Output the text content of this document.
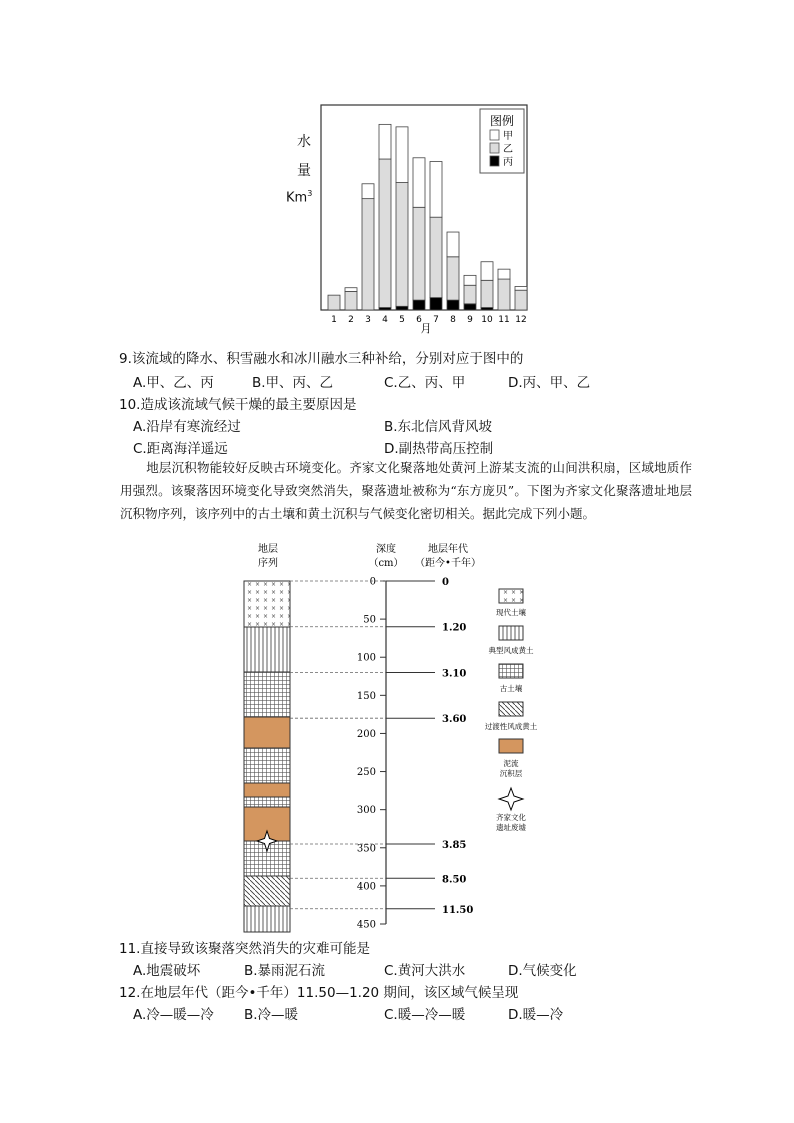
水
量
Km$^3$
1 2 3 4 5 6 7 8 9 10 11 12
月
图例
甲
乙
丙
9.该流域的降水、积雪融水和冰川融水三种补给，分别对应于图中的
A.甲、乙、丙	B.甲、丙、乙	C.乙、丙、甲	D.丙、甲、乙
10.造成该流域气候干燥的最主要原因是
A.沿岸有寒流经过	B.东北信风背风坡
C.距离海洋遥远	D.副热带高压控制
地层沉积物能较好反映古环境变化。齐家文化聚落地处黄河上游某支流的山间洪积扇，区域地质作用强烈。该聚落因环境变化导致突然消失，聚落遗址被称为“东方庞贝”。下图为齐家文化聚落遗址地层沉积物序列，该序列中的古土壤和黄土沉积与气候变化密切相关。据此完成下列小题。
地层
序列
深度
（cm）
地层年代
（距今•千年）
0
50
100
150
200
250
300
350
400
450
0
1.20
3.10
3.60
3.85
8.50
11.50
现代土壤
典型风成黄土
古土壤
过渡性风成黄土
泥流沉积层
齐家文化遗址废墟
11.直接导致该聚落突然消失的灾难可能是
A.地震破坏	B.暴雨泥石流	C.黄河大洪水	D.气候变化
12.在地层年代（距今•千年）11.50—1.20 期间，该区域气候呈现
A.冷—暖—冷 B.冷—暖	C.暖—冷—暖	D.暖—冷
